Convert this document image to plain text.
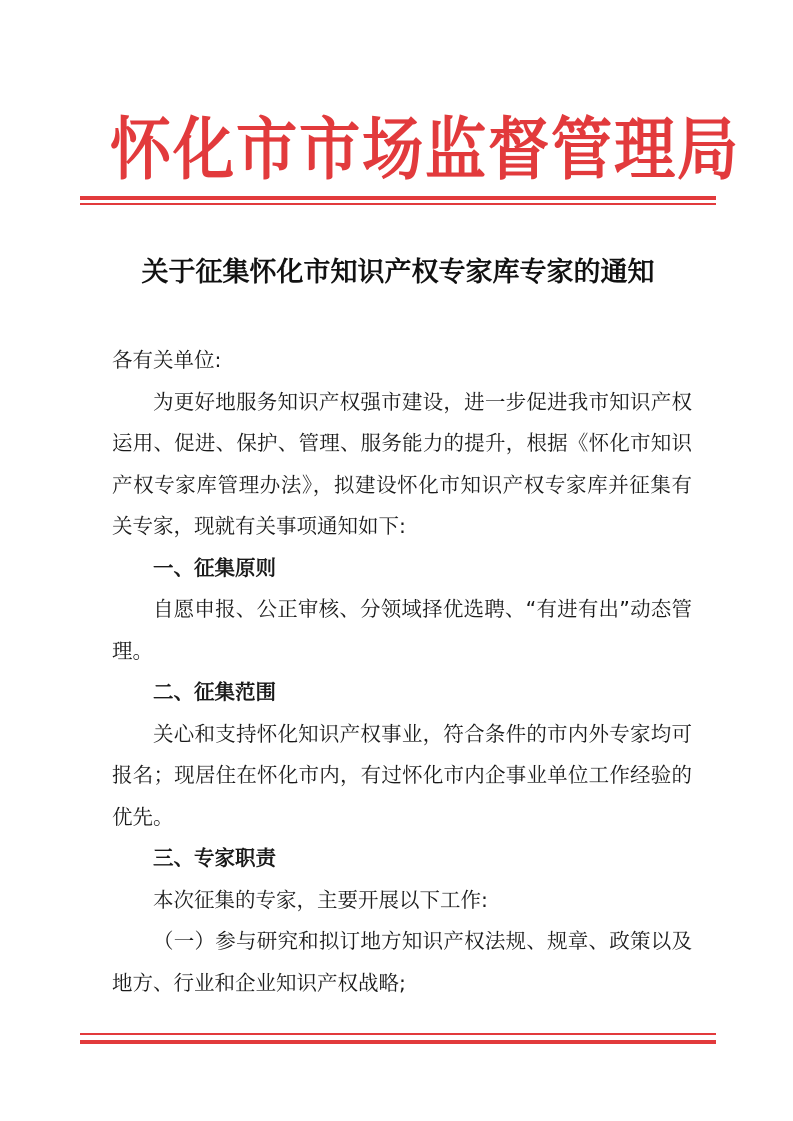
怀化市市场监督管理局
关于征集怀化市知识产权专家库专家的通知

各有关单位:

为更好地服务知识产权强市建设，进一步促进我市知识产权运用、促进、保护、管理、服务能力的提升，根据《怀化市知识产权专家库管理办法》，拟建设怀化市知识产权专家库并征集有关专家，现就有关事项通知如下:

一、征集原则

自愿申报、公正审核、分领域择优选聘、“有进有出”动态管理。

二、征集范围

关心和支持怀化知识产权事业，符合条件的市内外专家均可报名；现居住在怀化市内，有过怀化市内企事业单位工作经验的优先。

三、专家职责

本次征集的专家，主要开展以下工作:

（一）参与研究和拟订地方知识产权法规、规章、政策以及地方、行业和企业知识产权战略;
